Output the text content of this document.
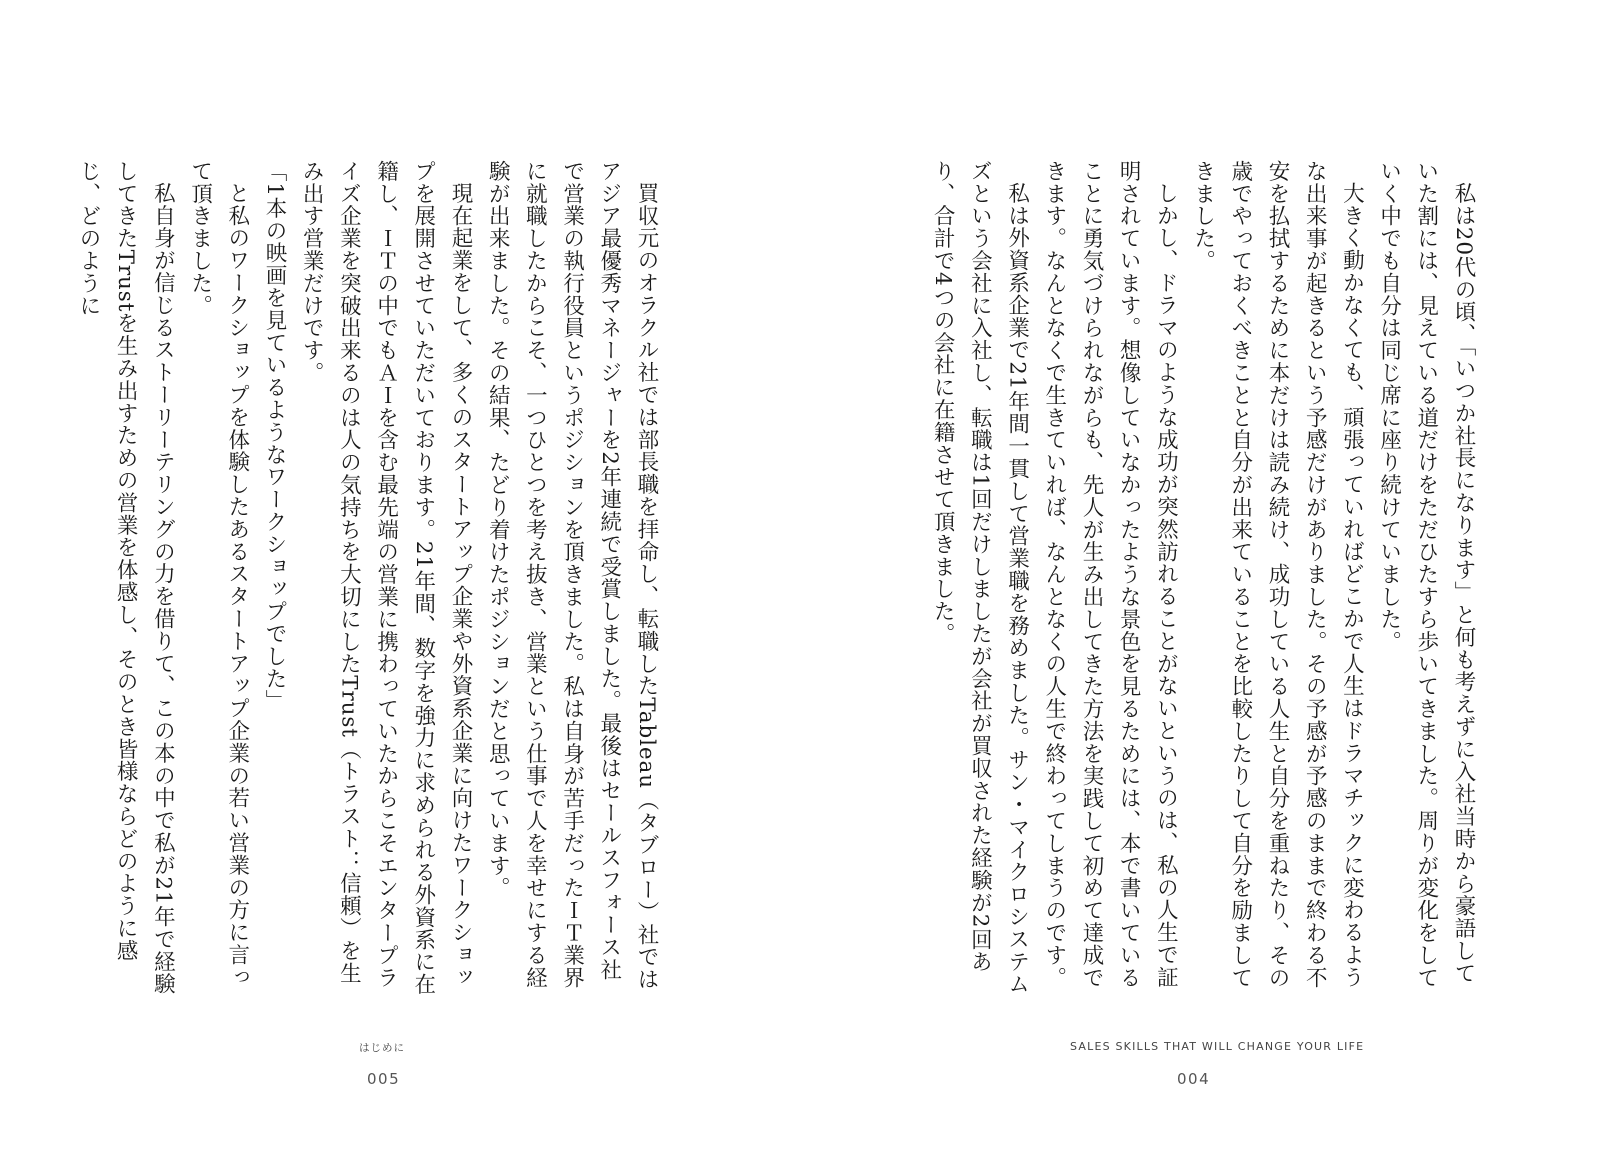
買収元のオラクル社では部長職を拝命し、転職したTableau（タブロー）社ではアジア最優秀マネージャーを2年連続で受賞しました。最後はセールスフォース社で営業の執行役員というポジションを頂きました。私は自身が苦手だったＩＴ業界に就職したからこそ、一つひとつを考え抜き、営業という仕事で人を幸せにする経験が出来ました。その結果、たどり着けたポジションだと思っています。

現在起業をして、多くのスタートアップ企業や外資系企業に向けたワークショップを展開させていただいております。21年間、数字を強力に求められる外資系に在籍し、ＩＴの中でもＡＩを含む最先端の営業に携わっていたからこそエンタープライズ企業を突破出来るのは人の気持ちを大切にしたTrust（トラスト：信頼）を生み出す営業だけです。

「1本の映画を見ているようなワークショップでした」

と私のワークショップを体験したあるスタートアップ企業の若い営業の方に言って頂きました。

私自身が信じるストーリーテリングの力を借りて、この本の中で私が21年で経験してきたTrustを生み出すための営業を体感し、そのとき皆様ならどのように感じ、どのように

はじめに
005

私は20代の頃、「いつか社長になります」と何も考えずに入社当時から豪語していた割には、見えている道だけをただひたすら歩いてきました。周りが変化をしていく中でも自分は同じ席に座り続けていました。

大きく動かなくても、頑張っていればどこかで人生はドラマチックに変わるような出来事が起きるという予感だけがありました。その予感が予感のままで終わる不安を払拭するために本だけは読み続け、成功している人生と自分を重ねたり、その歳でやっておくべきことと自分が出来ていることを比較したりして自分を励ましてきました。

しかし、ドラマのような成功が突然訪れることがないというのは、私の人生で証明されています。想像していなかったような景色を見るためには、本で書いていることに勇気づけられながらも、先人が生み出してきた方法を実践して初めて達成できます。なんとなくで生きていれば、なんとなくの人生で終わってしまうのです。

私は外資系企業で21年間一貫して営業職を務めました。サン・マイクロシステムズという会社に入社し、転職は1回だけしましたが会社が買収された経験が2回あり、合計で4つの会社に在籍させて頂きました。

SALES SKILLS THAT WILL CHANGE YOUR LIFE
004
